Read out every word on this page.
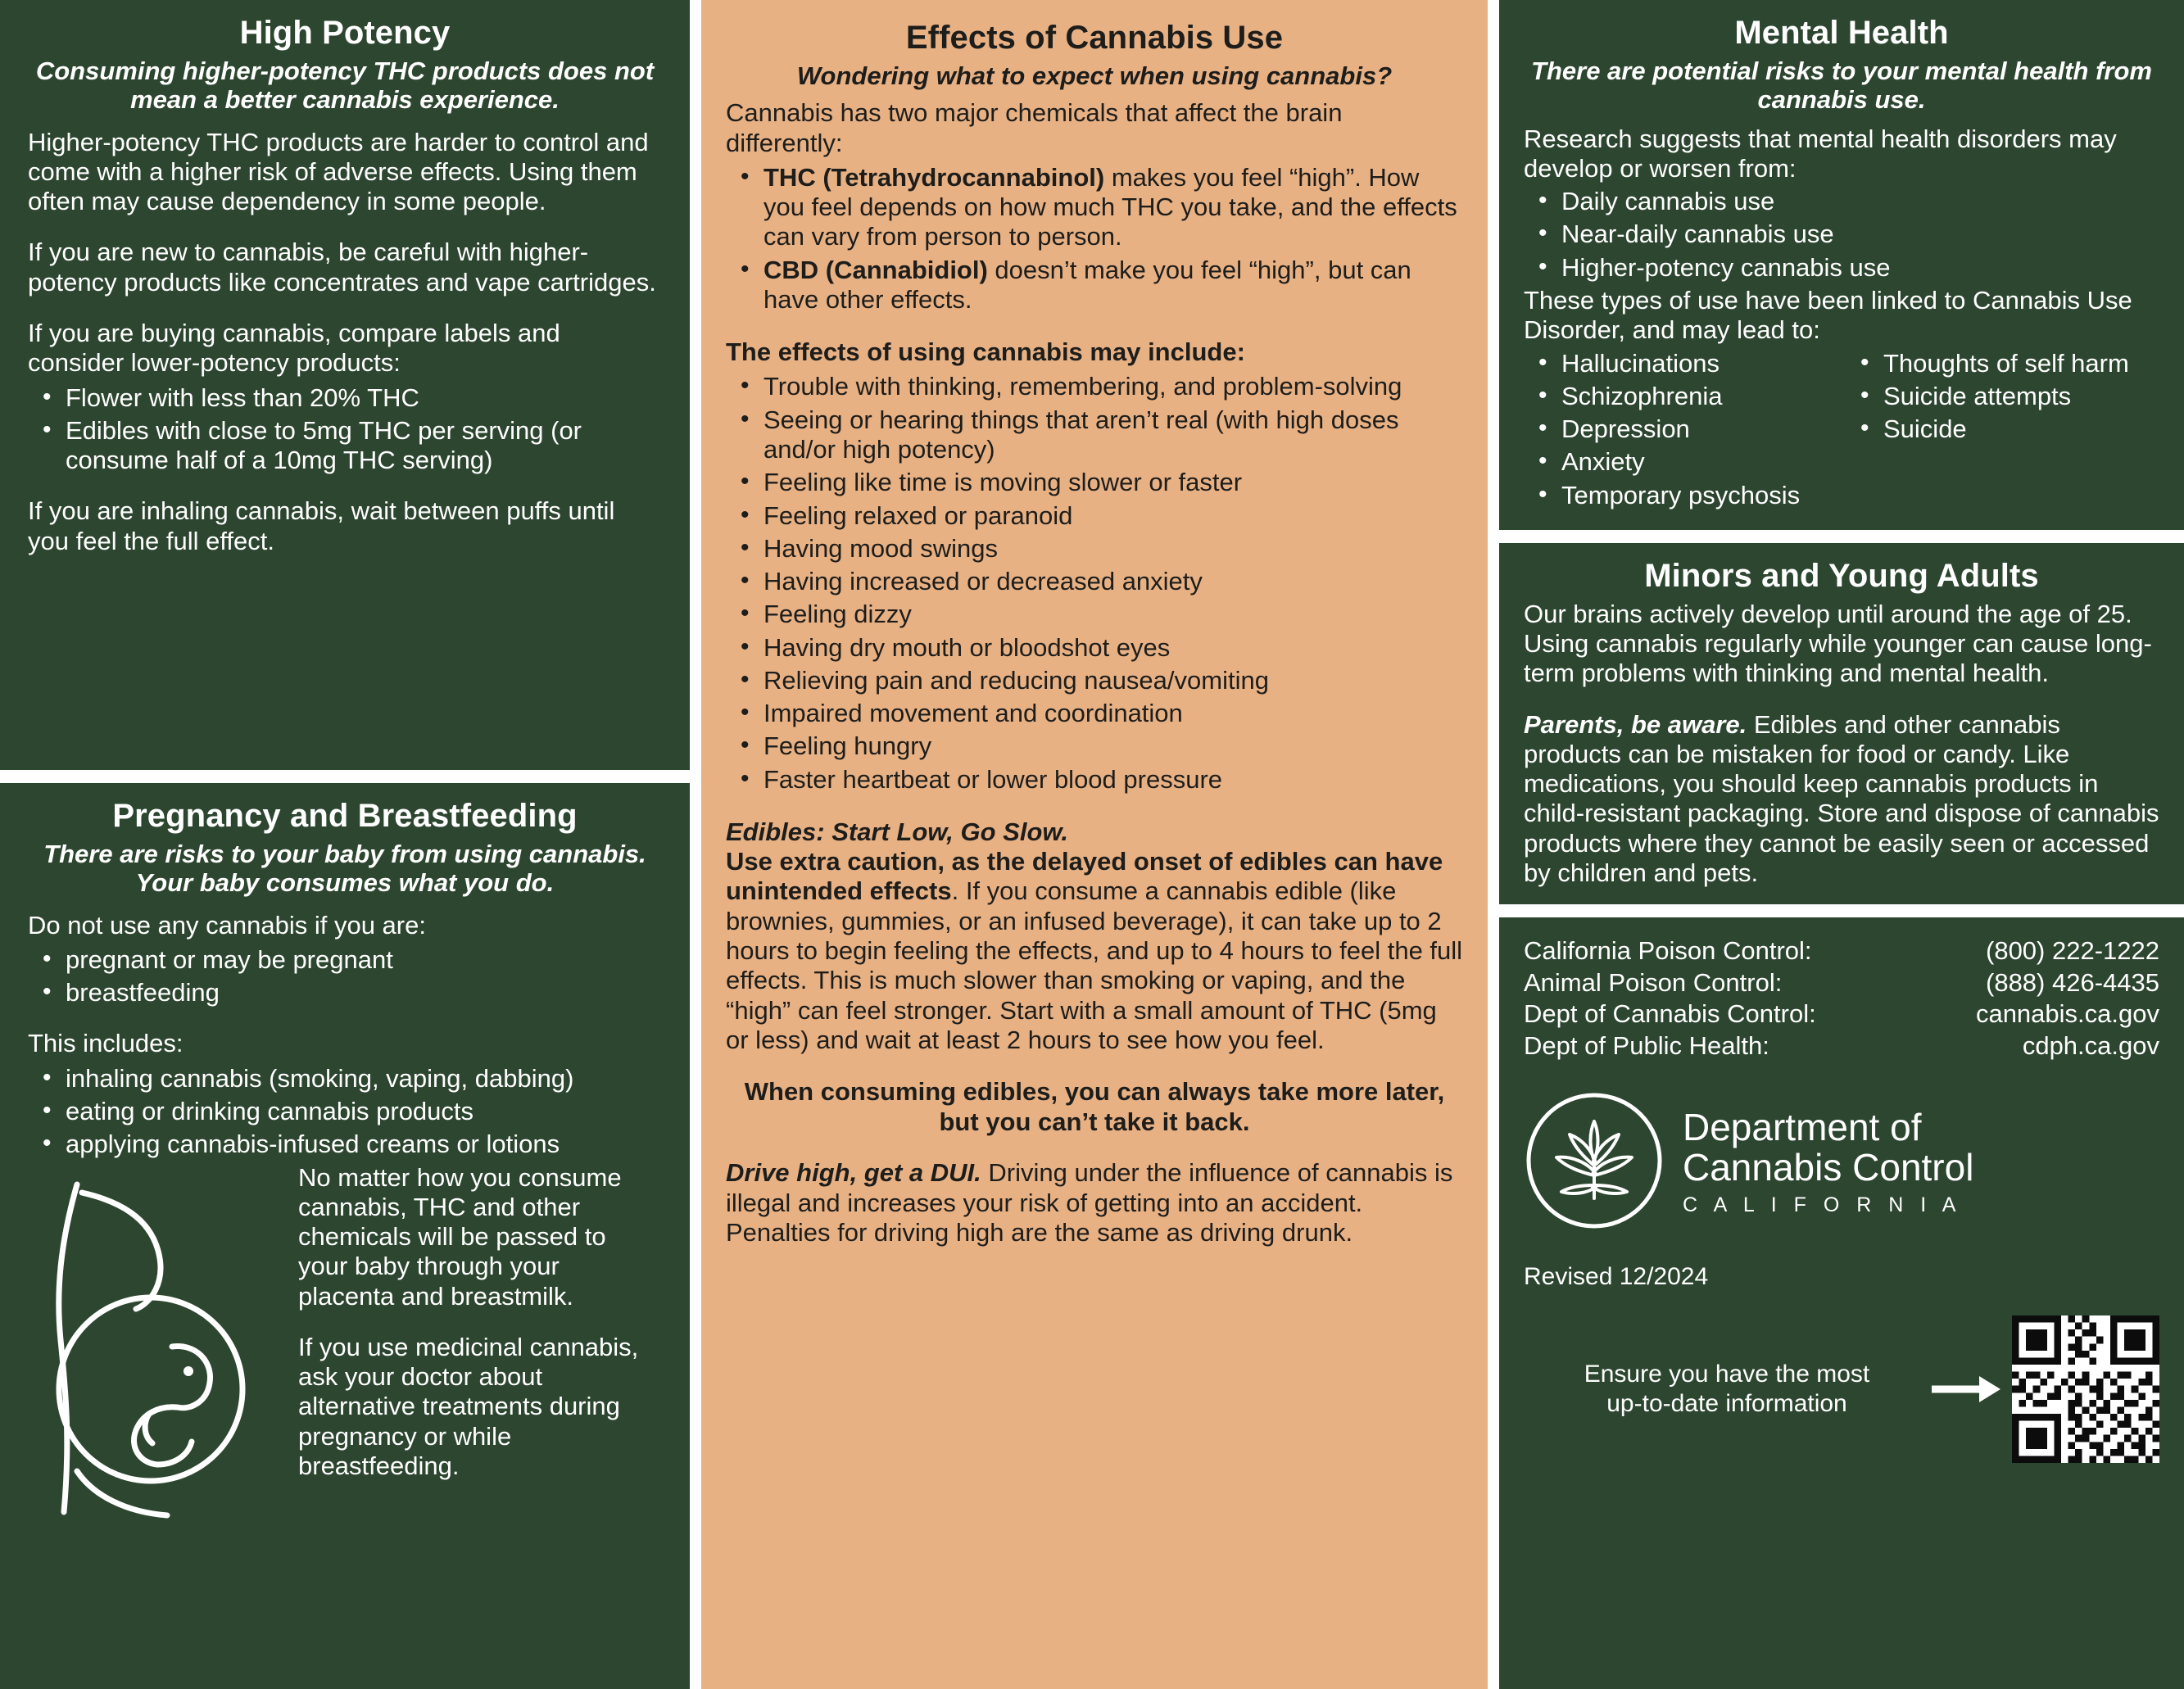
High Potency
Consuming higher-potency THC products does not mean a better cannabis experience.

Higher-potency THC products are harder to control and come with a higher risk of adverse effects. Using them often may cause dependency in some people.

If you are new to cannabis, be careful with higher-potency products like concentrates and vape cartridges.

If you are buying cannabis, compare labels and consider lower-potency products:

• Flower with less than 20% THC
• Edibles with close to 5mg THC per serving (or consume half of a 10mg THC serving)

If you are inhaling cannabis, wait between puffs until you feel the full effect.

Pregnancy and Breastfeeding
There are risks to your baby from using cannabis. Your baby consumes what you do.

Do not use any cannabis if you are:

• pregnant or may be pregnant
• breastfeeding

This includes:

• inhaling cannabis (smoking, vaping, dabbing)
• eating or drinking cannabis products
• applying cannabis-infused creams or lotions

No matter how you consume cannabis, THC and other chemicals will be passed to your baby through your placenta and breastmilk.

If you use medicinal cannabis, ask your doctor about alternative treatments during pregnancy or while breastfeeding.

Effects of Cannabis Use
Wondering what to expect when using cannabis?

Cannabis has two major chemicals that affect the brain differently:

• THC (Tetrahydrocannabinol) makes you feel “high”. How you feel depends on how much THC you take, and the effects can vary from person to person.
• CBD (Cannabidiol) doesn’t make you feel “high”, but can have other effects.

The effects of using cannabis may include:

• Trouble with thinking, remembering, and problem-solving
• Seeing or hearing things that aren’t real (with high doses and/or high potency)
• Feeling like time is moving slower or faster
• Feeling relaxed or paranoid
• Having mood swings
• Having increased or decreased anxiety
• Feeling dizzy
• Having dry mouth or bloodshot eyes
• Relieving pain and reducing nausea/vomiting
• Impaired movement and coordination
• Feeling hungry
• Faster heartbeat or lower blood pressure

Edibles: Start Low, Go Slow.

Use extra caution, as the delayed onset of edibles can have unintended effects. If you consume a cannabis edible (like brownies, gummies, or an infused beverage), it can take up to 2 hours to begin feeling the effects, and up to 4 hours to feel the full effects. This is much slower than smoking or vaping, and the “high” can feel stronger. Start with a small amount of THC (5mg or less) and wait at least 2 hours to see how you feel.

When consuming edibles, you can always take more later, but you can’t take it back.

Drive high, get a DUI. Driving under the influence of cannabis is illegal and increases your risk of getting into an accident. Penalties for driving high are the same as driving drunk.

Mental Health
There are potential risks to your mental health from cannabis use.

Research suggests that mental health disorders may develop or worsen from:

• Daily cannabis use
• Near-daily cannabis use
• Higher-potency cannabis use

These types of use have been linked to Cannabis Use Disorder, and may lead to:

• Hallucinations
• Schizophrenia
• Depression
• Anxiety
• Temporary psychosis
• Thoughts of self harm
• Suicide attempts
• Suicide
Minors and Young Adults

Our brains actively develop until around the age of 25. Using cannabis regularly while younger can cause long-term problems with thinking and mental health.

Parents, be aware. Edibles and other cannabis products can be mistaken for food or candy. Like medications, you should keep cannabis products in child-resistant packaging. Store and dispose of cannabis products where they cannot be easily seen or accessed by children and pets.

California Poison Control:	(800) 222-1222
Animal Poison Control:	(888) 426-4435
Dept of Cannabis Control:	cannabis.ca.gov
Dept of Public Health:	cdph.ca.gov
Department of
Cannabis Control
C A L I F O R N I A
Revised 12/2024
Ensure you have the most
up-to-date information
